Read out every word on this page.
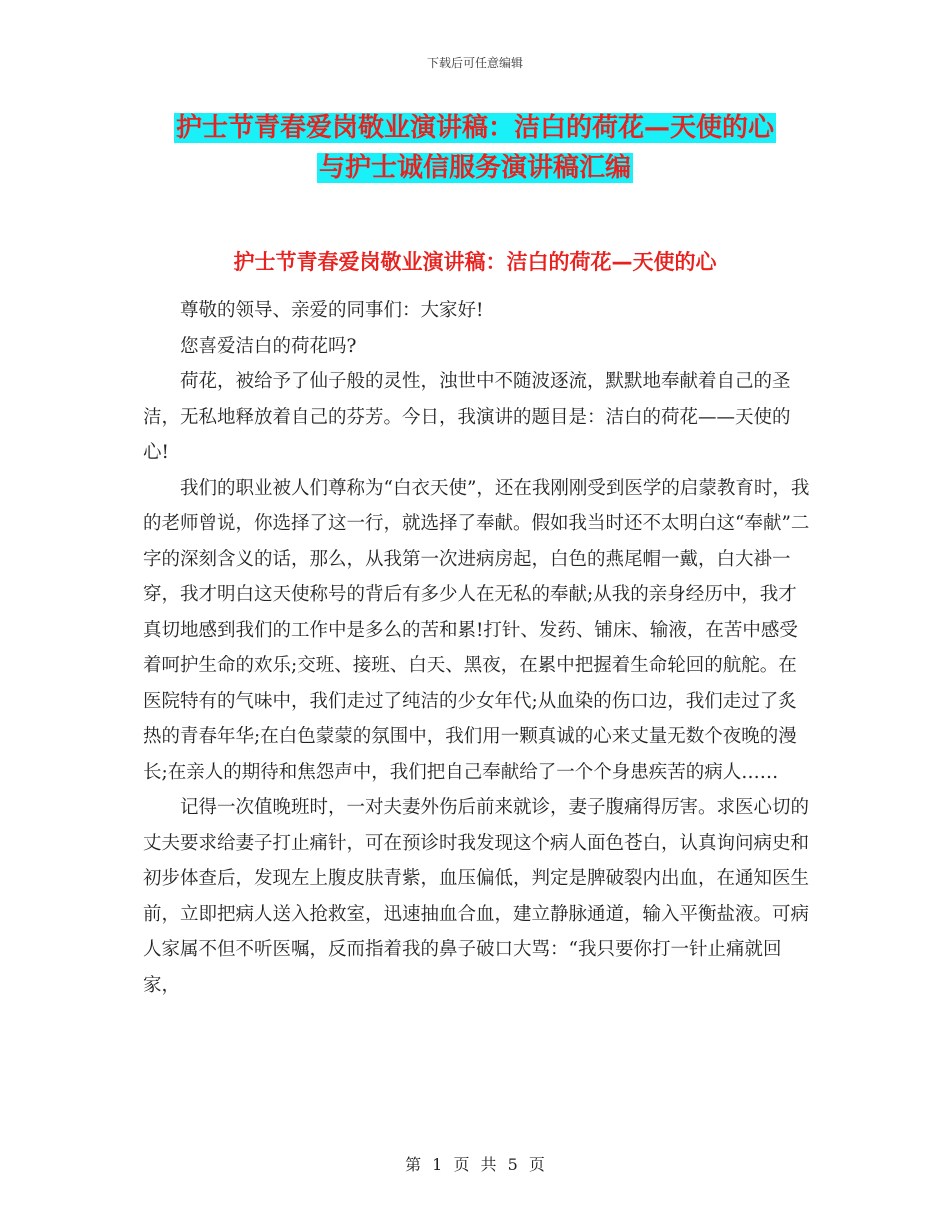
下载后可任意编辑
护士节青春爱岗敬业演讲稿：洁白的荷花—天使的心
与护士诚信服务演讲稿汇编
护士节青春爱岗敬业演讲稿：洁白的荷花—天使的心

尊敬的领导、亲爱的同事们：大家好!

您喜爱洁白的荷花吗?

荷花，被给予了仙子般的灵性，浊世中不随波逐流，默默地奉献着自己的圣洁，无私地释放着自己的芬芳。今日，我演讲的题目是：洁白的荷花——天使的心!

我们的职业被人们尊称为“白衣天使”，还在我刚刚受到医学的启蒙教育时，我的老师曾说，你选择了这一行，就选择了奉献。假如我当时还不太明白这“奉献”二字的深刻含义的话，那么，从我第一次进病房起，白色的燕尾帽一戴，白大褂一穿，我才明白这天使称号的背后有多少人在无私的奉献;从我的亲身经历中，我才真切地感到我们的工作中是多么的苦和累!打针、发药、铺床、输液，在苦中感受着呵护生命的欢乐;交班、接班、白天、黑夜，在累中把握着生命轮回的航舵。在医院特有的气味中，我们走过了纯洁的少女年代;从血染的伤口边，我们走过了炙热的青春年华;在白色蒙蒙的氛围中，我们用一颗真诚的心来丈量无数个夜晚的漫长;在亲人的期待和焦怨声中，我们把自己奉献给了一个个身患疾苦的病人……

记得一次值晚班时，一对夫妻外伤后前来就诊，妻子腹痛得厉害。求医心切的丈夫要求给妻子打止痛针，可在预诊时我发现这个病人面色苍白，认真询问病史和初步体查后，发现左上腹皮肤青紫，血压偏低，判定是脾破裂内出血，在通知医生前，立即把病人送入抢救室，迅速抽血合血，建立静脉通道，输入平衡盐液。可病人家属不但不听医嘱，反而指着我的鼻子破口大骂：“我只要你打一针止痛就回家，

第 1 页 共 5 页
